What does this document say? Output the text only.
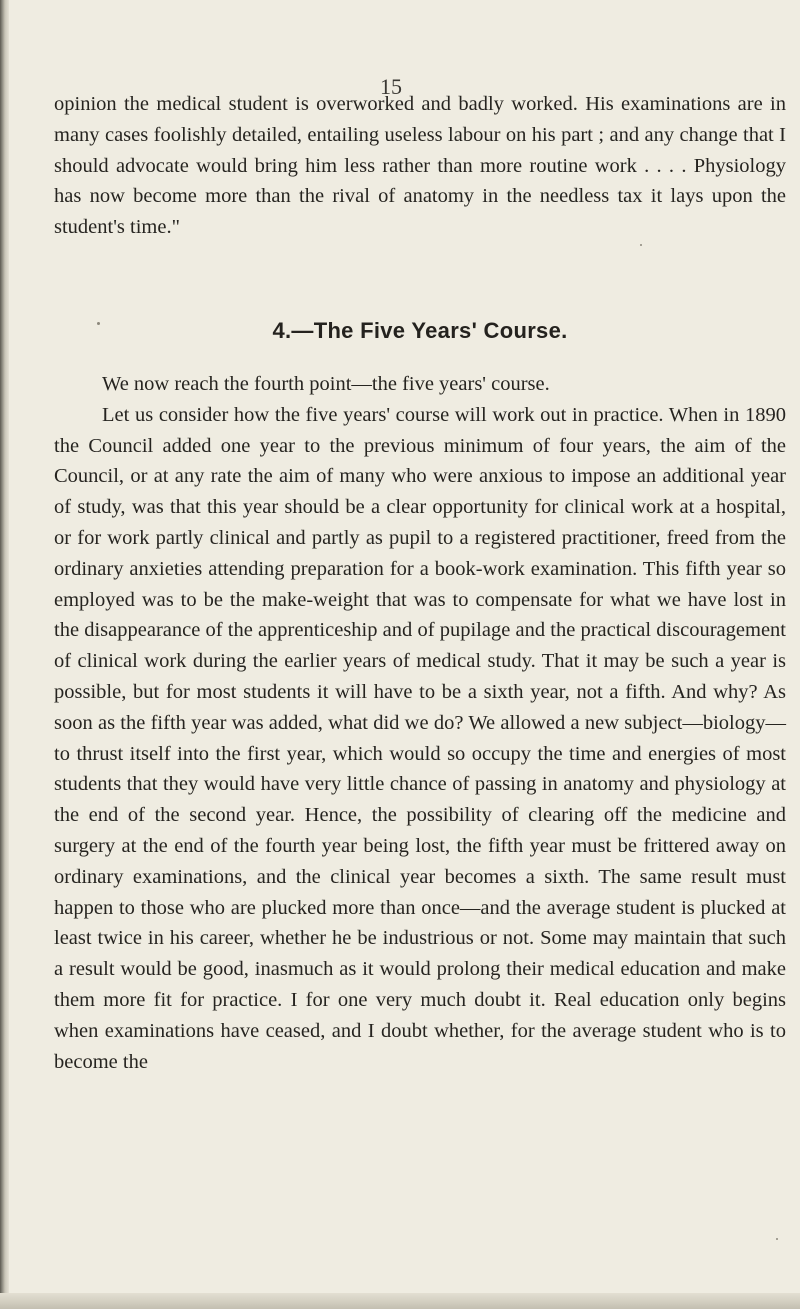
15

opinion the medical student is overworked and badly worked. His examinations are in many cases foolishly detailed, entailing useless labour on his part ; and any change that I should advocate would bring him less rather than more routine work . . . . Physiology has now become more than the rival of anatomy in the needless tax it lays upon the student's time."

4.—The Five Years' Course.

We now reach the fourth point—the five years' course.

Let us consider how the five years' course will work out in practice. When in 1890 the Council added one year to the previous minimum of four years, the aim of the Council, or at any rate the aim of many who were anxious to impose an additional year of study, was that this year should be a clear opportunity for clinical work at a hospital, or for work partly clinical and partly as pupil to a registered practitioner, freed from the ordinary anxieties attending preparation for a book-work examination. This fifth year so employed was to be the make-weight that was to compensate for what we have lost in the disappearance of the apprenticeship and of pupilage and the practical discouragement of clinical work during the earlier years of medical study. That it may be such a year is possible, but for most students it will have to be a sixth year, not a fifth. And why? As soon as the fifth year was added, what did we do? We allowed a new subject—biology—to thrust itself into the first year, which would so occupy the time and energies of most students that they would have very little chance of passing in anatomy and physiology at the end of the second year. Hence, the possibility of clearing off the medicine and surgery at the end of the fourth year being lost, the fifth year must be frittered away on ordinary examinations, and the clinical year becomes a sixth. The same result must happen to those who are plucked more than once—and the average student is plucked at least twice in his career, whether he be industrious or not. Some may maintain that such a result would be good, inasmuch as it would prolong their medical education and make them more fit for practice. I for one very much doubt it. Real education only begins when examinations have ceased, and I doubt whether, for the average student who is to become the
